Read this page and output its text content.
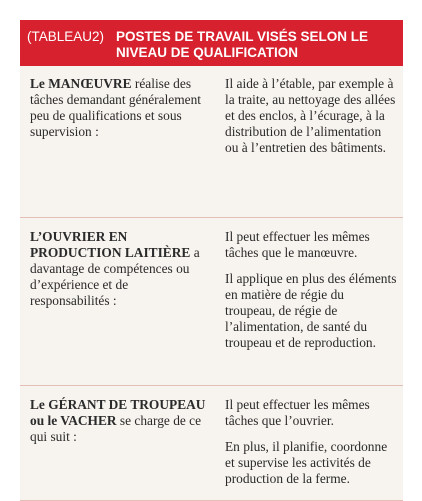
(TABLEAU2) POSTES DE TRAVAIL VISÉS SELON LE NIVEAU DE QUALIFICATION
Le MANŒUVRE réalise des tâches demandant généralement peu de qualifications et sous supervision :

Il aide à l’étable, par exemple à la traite, au nettoyage des allées et des enclos, à l’écurage, à la distribution de l’alimentation ou à l’entretien des bâtiments.

L’OUVRIER EN PRODUCTION LAITIÈRE a davantage de compétences ou d’expérience et de responsabilités :

Il peut effectuer les mêmes tâches que le manœuvre.

Il applique en plus des éléments en matière de régie du troupeau, de régie de l’alimentation, de santé du troupeau et de reproduction.

Le GÉRANT DE TROUPEAU ou le VACHER se charge de ce qui suit :

Il peut effectuer les mêmes tâches que l’ouvrier.

En plus, il planifie, coordonne et supervise les activités de production de la ferme.
